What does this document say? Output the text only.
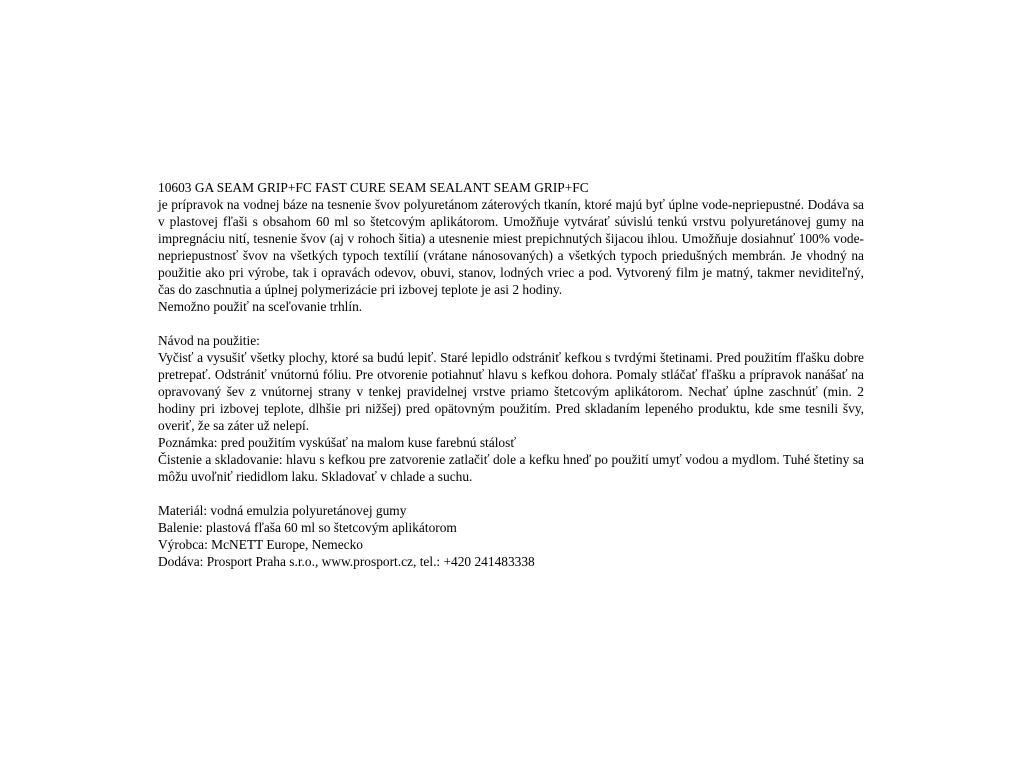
10603 GA SEAM GRIP+FC FAST CURE SEAM SEALANT SEAM GRIP+FC

je prípravok na vodnej báze na tesnenie švov polyuretánom záterových tkanín, ktoré majú byť úplne vode-nepriepustné. Dodáva sa v plastovej fľaši s obsahom 60 ml so štetcovým aplikátorom. Umožňuje vytvárať súvislú tenkú vrstvu polyuretánovej gumy na impregnáciu nití, tesnenie švov (aj v rohoch šitia) a utesnenie miest prepichnutých šijacou ihlou. Umožňuje dosiahnuť 100% vode-nepriepustnosť švov na všetkých typoch textílií (vrátane nánosovaných) a všetkých typoch priedušných membrán. Je vhodný na použitie ako pri výrobe, tak i opravách odevov, obuvi, stanov, lodných vriec a pod. Vytvorený film je matný, takmer neviditeľný, čas do zaschnutia a úplnej polymerizácie pri izbovej teplote je asi 2 hodiny.

Nemožno použiť na sceľovanie trhlín.

Návod na použitie:

Vyčisť a vysušiť všetky plochy, ktoré sa budú lepiť. Staré lepidlo odstrániť kefkou s tvrdými štetinami. Pred použitím fľašku dobre pretrepať. Odstrániť vnútornú fóliu. Pre otvorenie potiahnuť hlavu s kefkou dohora. Pomaly stláčať fľašku a prípravok nanášať na opravovaný šev z vnútornej strany v tenkej pravidelnej vrstve priamo štetcovým aplikátorom. Nechať úplne zaschnúť (min. 2 hodiny pri izbovej teplote, dlhšie pri nižšej) pred opätovným použitím. Pred skladaním lepeného produktu, kde sme tesnili švy, overiť, že sa záter už nelepí.

Poznámka: pred použitím vyskúšať na malom kuse farebnú stálosť

Čistenie a skladovanie: hlavu s kefkou pre zatvorenie zatlačiť dole a kefku hneď po použití umyť vodou a mydlom. Tuhé štetiny sa môžu uvoľniť riedidlom laku. Skladovať v chlade a suchu.

Materiál: vodná emulzia polyuretánovej gumy

Balenie: plastová fľaša 60 ml so štetcovým aplikátorom

Výrobca: McNETT Europe, Nemecko

Dodáva: Prosport Praha s.r.o., www.prosport.cz, tel.: +420 241483338
